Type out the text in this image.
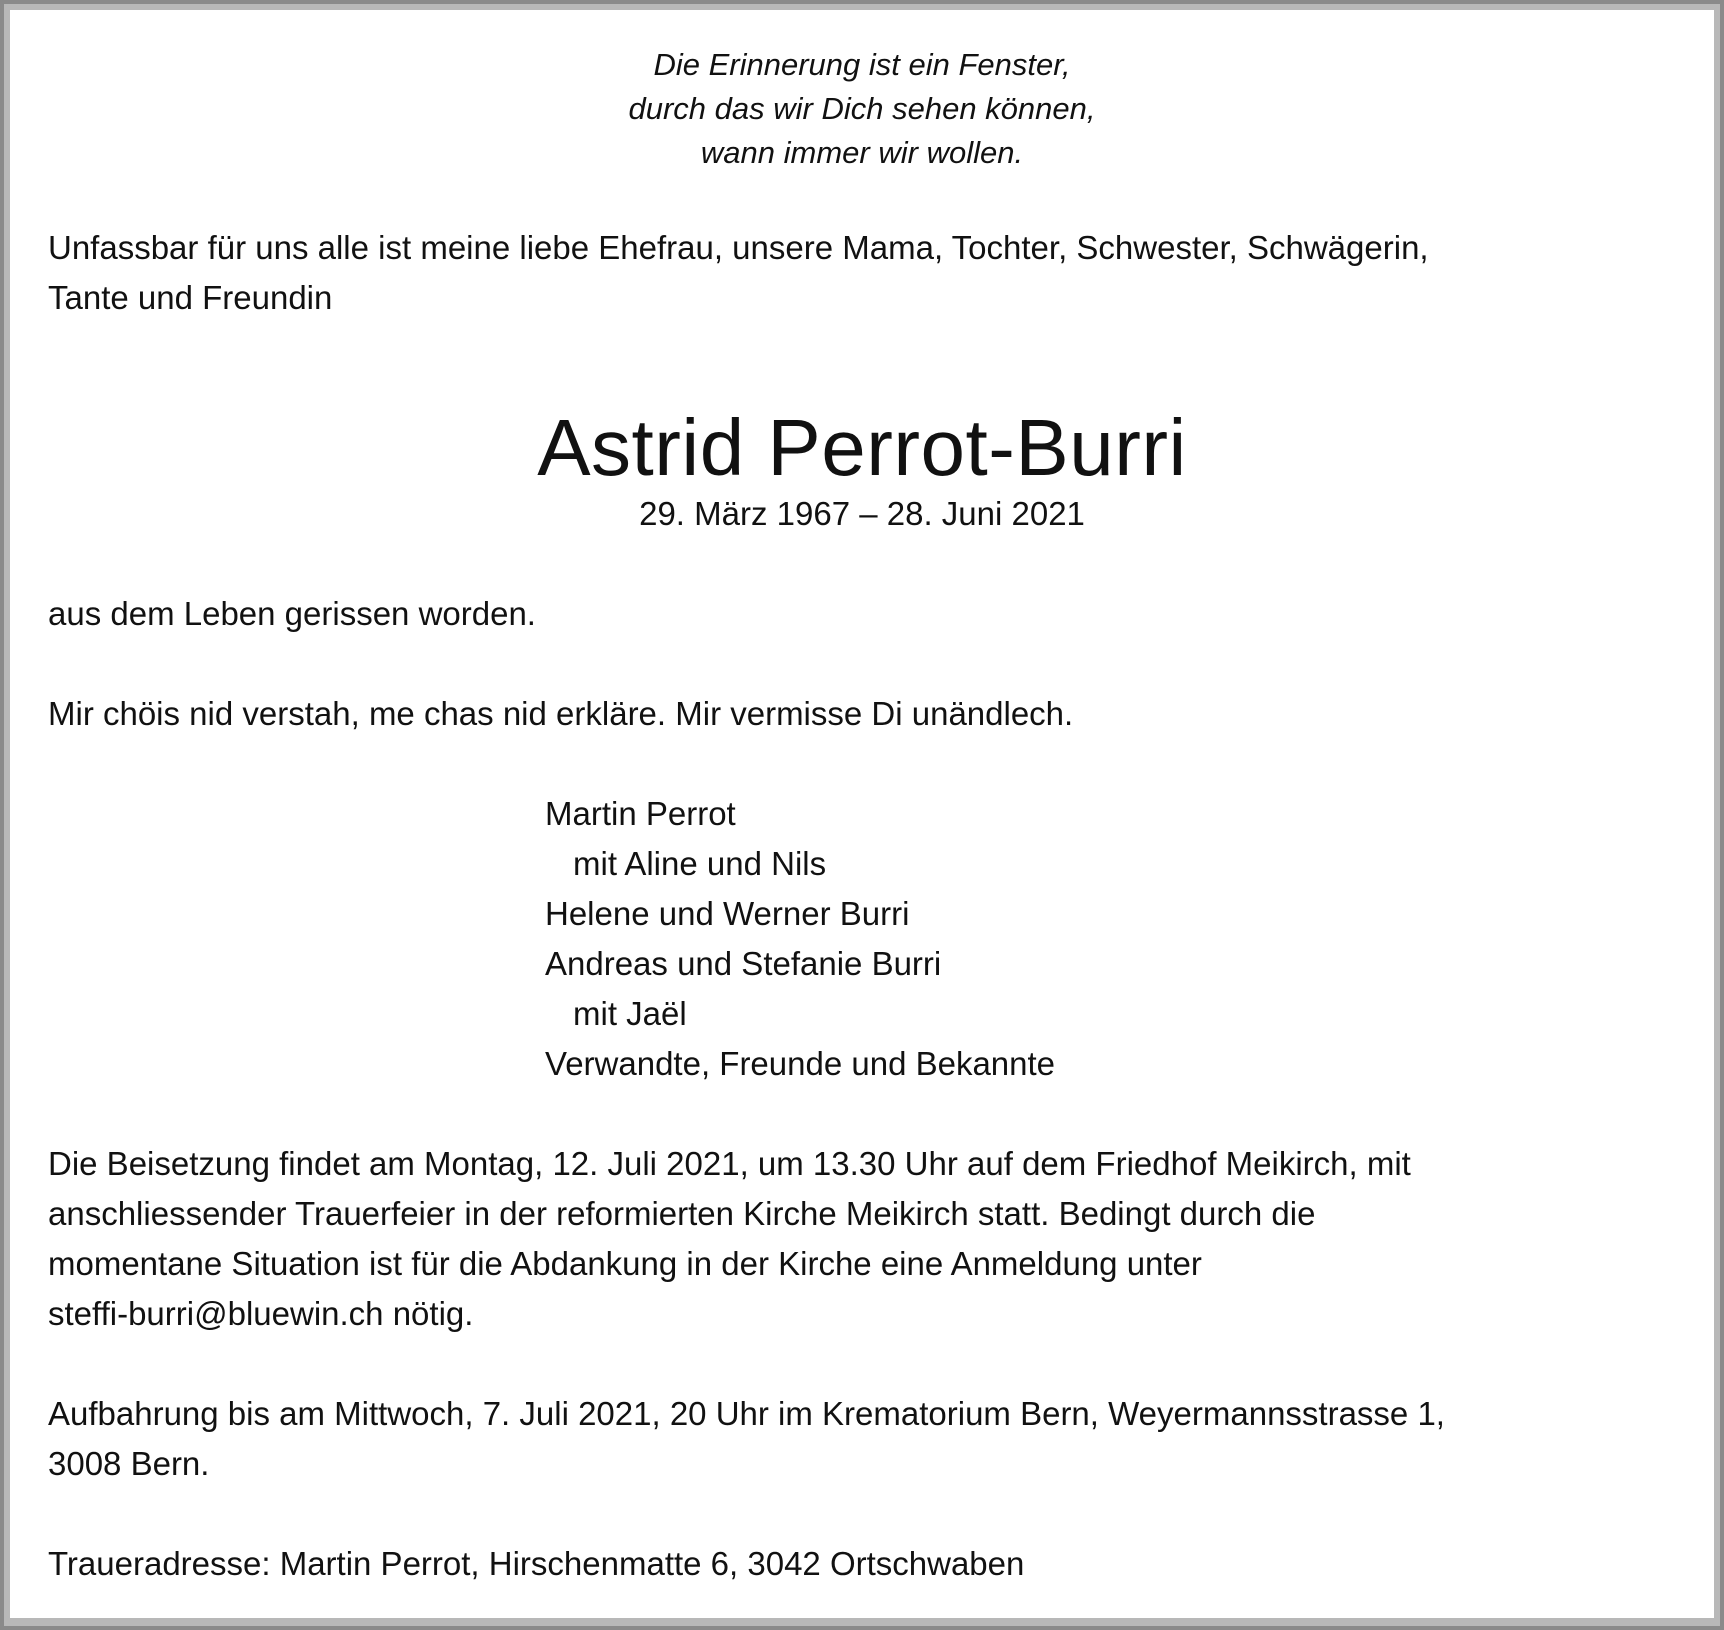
Die Erinnerung ist ein Fenster,

durch das wir Dich sehen können,

wann immer wir wollen.

Unfassbar für uns alle ist meine liebe Ehefrau, unsere Mama, Tochter, Schwester, Schwägerin,

Tante und Freundin

Astrid Perrot-Burri

29. März 1967 – 28. Juni 2021

aus dem Leben gerissen worden.

Mir chöis nid verstah, me chas nid erkläre. Mir vermisse Di unändlech.

Martin Perrot

mit Aline und Nils

Helene und Werner Burri

Andreas und Stefanie Burri

mit Jaël

Verwandte, Freunde und Bekannte

Die Beisetzung findet am Montag, 12. Juli 2021, um 13.30 Uhr auf dem Friedhof Meikirch, mit

anschliessender Trauerfeier in der reformierten Kirche Meikirch statt. Bedingt durch die

momentane Situation ist für die Abdankung in der Kirche eine Anmeldung unter

steffi-burri@bluewin.ch nötig.

Aufbahrung bis am Mittwoch, 7. Juli 2021, 20 Uhr im Krematorium Bern, Weyermannsstrasse 1,

3008 Bern.

Traueradresse: Martin Perrot, Hirschenmatte 6, 3042 Ortschwaben
